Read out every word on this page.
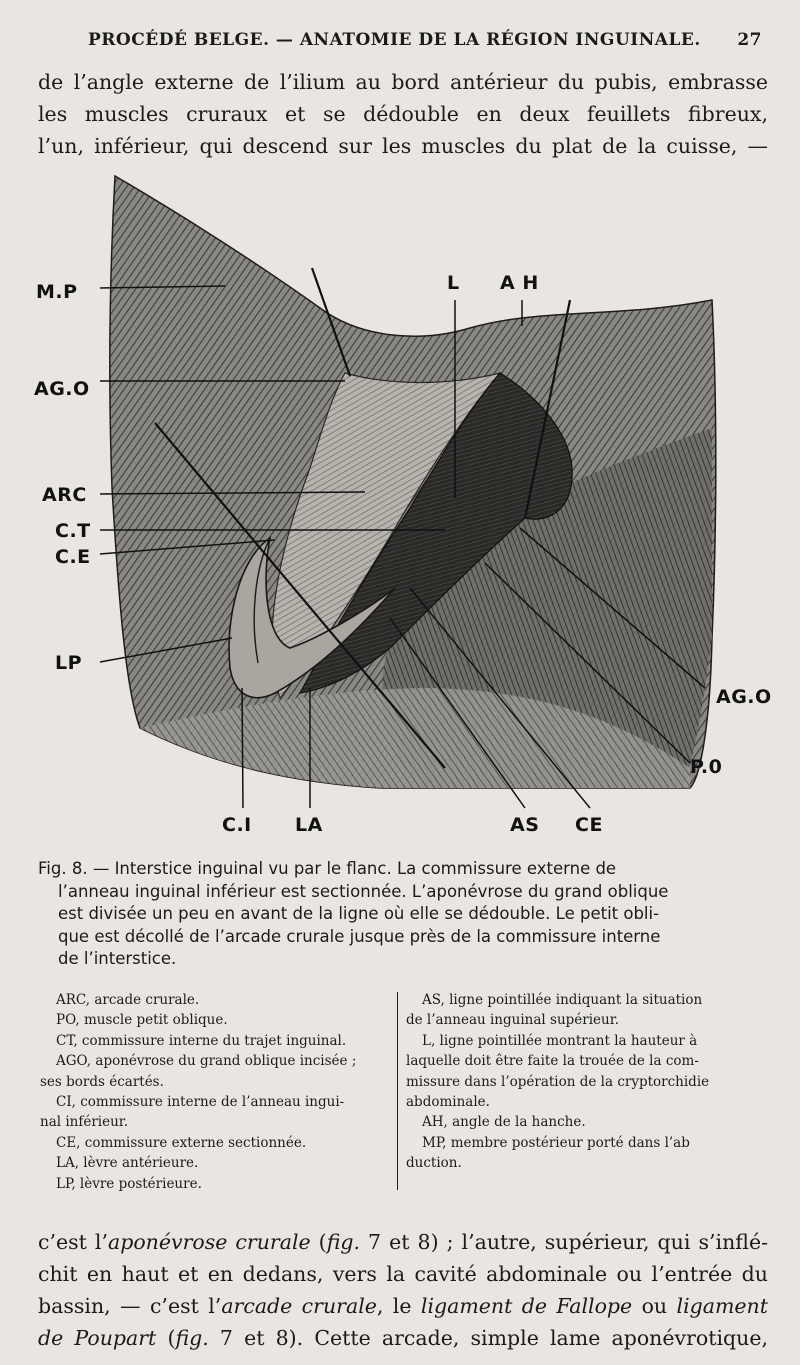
PROCÉDÉ BELGE. — ANATOMIE DE LA RÉGION INGUINALE. 27
de l’angle externe de l’ilium au bord antérieur du pubis, embrasse
les muscles cruraux et se dédouble en deux feuillets fibreux,
l’un, inférieur, qui descend sur les muscles du plat de la cuisse, —
M.P	L A H
AG.O
ARC
C.T
C.E
LP
AG.O
P.0
C.I LA	AS CE
Fig. 8. — Interstice inguinal vu par le flanc. La commissure externe de
l’anneau inguinal inférieur est sectionnée. L’aponévrose du grand oblique
est divisée un peu en avant de la ligne où elle se dédouble. Le petit obli-
que est décollé de l’arcade crurale jusque près de la commissure interne
de l’interstice.
ARC, arcade crurale.
PO, muscle petit oblique.
CT, commissure interne du trajet inguinal.
AGO, aponévrose du grand oblique incisée ;
ses bords écartés.
CI, commissure interne de l’anneau ingui-
nal inférieur.
CE, commissure externe sectionnée.
LA, lèvre antérieure.
LP, lèvre postérieure.
AS, ligne pointillée indiquant la situation
de l’anneau inguinal supérieur.
L, ligne pointillée montrant la hauteur à
laquelle doit être faite la trouée de la com-
missure dans l’opération de la cryptorchidie
abdominale.
AH, angle de la hanche.
MP, membre postérieur porté dans l’ab
duction.
c’est l’aponévrose crurale (fig. 7 et 8) ; l’autre, supérieur, qui s’inflé-
chit en haut et en dedans, vers la cavité abdominale ou l’entrée du
bassin, — c’est l’arcade crurale, le ligament de Fallope ou ligament
de Poupart (fig. 7 et 8). Cette arcade, simple lame aponévrotique,
